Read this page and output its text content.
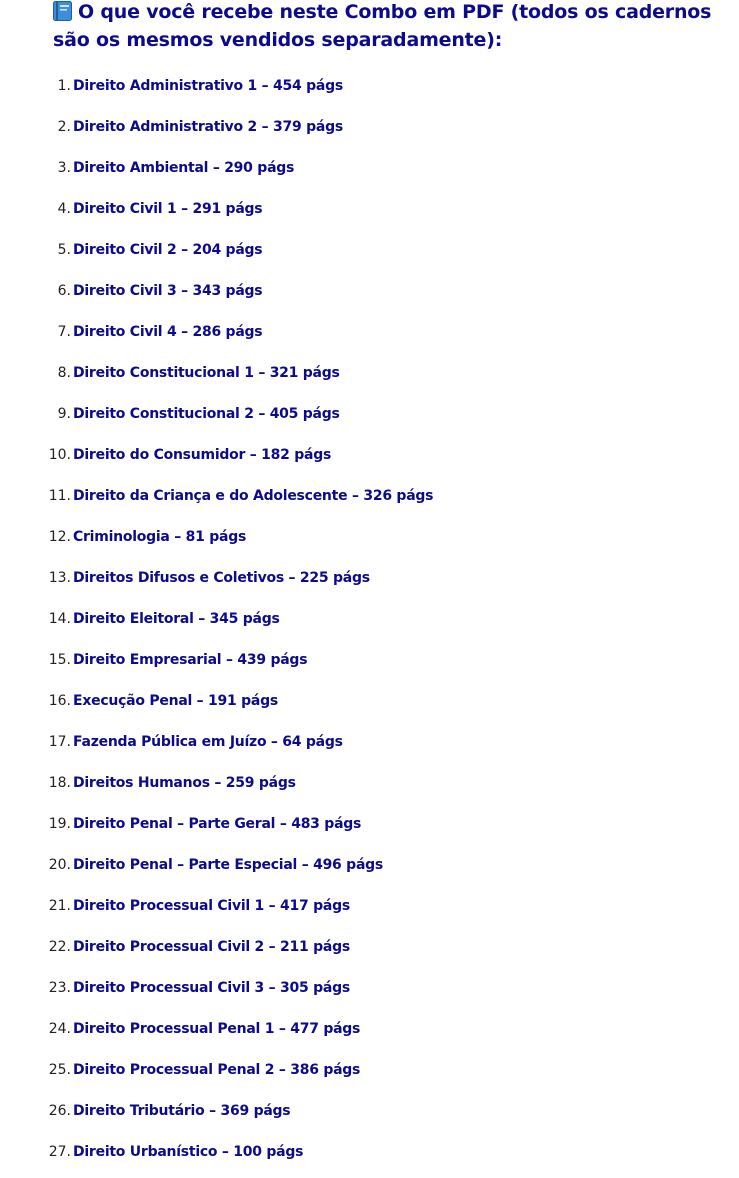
O que você recebe neste Combo em PDF (todos os cadernos são os mesmos vendidos separadamente):
1. Direito Administrativo 1 – 454 págs
2. Direito Administrativo 2 – 379 págs
3. Direito Ambiental – 290 págs
4. Direito Civil 1 – 291 págs
5. Direito Civil 2 – 204 págs
6. Direito Civil 3 – 343 págs
7. Direito Civil 4 – 286 págs
8. Direito Constitucional 1 – 321 págs
9. Direito Constitucional 2 – 405 págs
10. Direito do Consumidor – 182 págs
11. Direito da Criança e do Adolescente – 326 págs
12. Criminologia – 81 págs
13. Direitos Difusos e Coletivos – 225 págs
14. Direito Eleitoral – 345 págs
15. Direito Empresarial – 439 págs
16. Execução Penal – 191 págs
17. Fazenda Pública em Juízo – 64 págs
18. Direitos Humanos – 259 págs
19. Direito Penal – Parte Geral – 483 págs
20. Direito Penal – Parte Especial – 496 págs
21. Direito Processual Civil 1 – 417 págs
22. Direito Processual Civil 2 – 211 págs
23. Direito Processual Civil 3 – 305 págs
24. Direito Processual Penal 1 – 477 págs
25. Direito Processual Penal 2 – 386 págs
26. Direito Tributário – 369 págs
27. Direito Urbanístico – 100 págs
